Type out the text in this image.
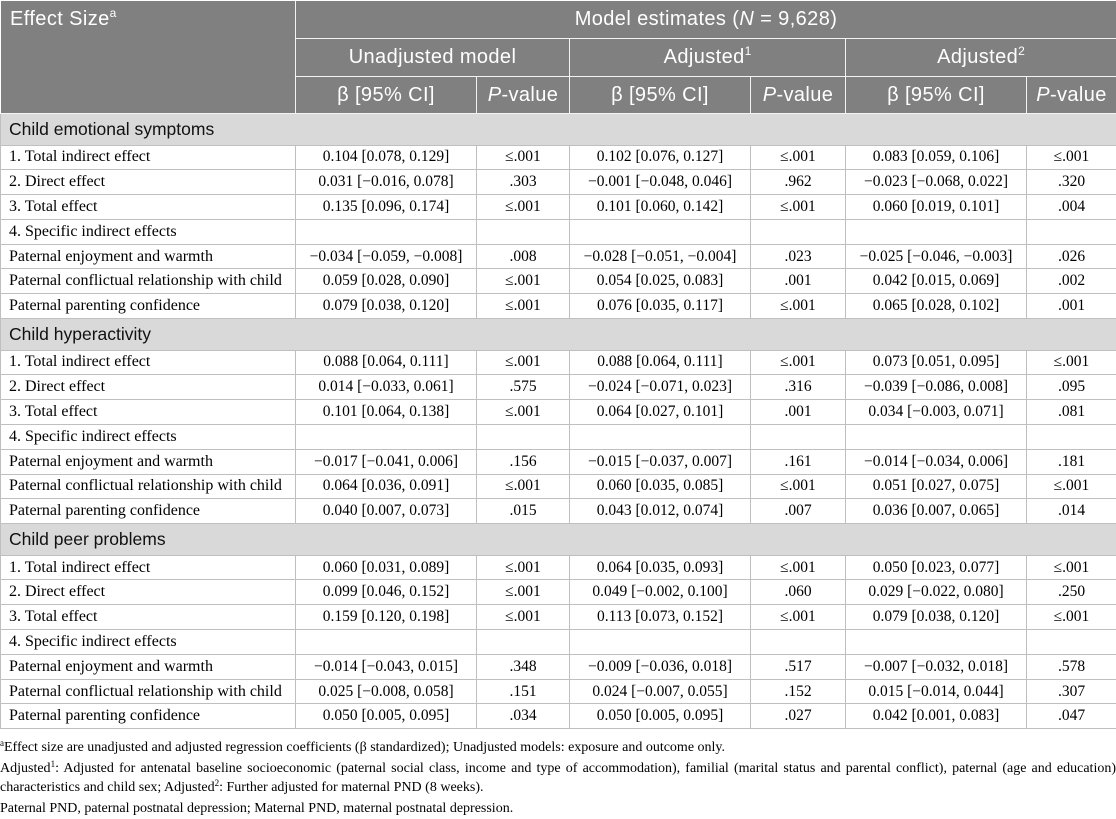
Effect Size$^a$	Model estimates (N = 9,628)					
	Unadjusted model		Adjusted$^1$		Adjusted$^2$
	β [95% CI]	P-value	β [95% CI]	P-value	β [95% CI]	P-value
Child emotional symptoms						
1. Total indirect effect	0.104 [0.078, 0.129]	≤.001	0.102 [0.076, 0.127]	≤.001	0.083 [0.059, 0.106]	≤.001
2. Direct effect	0.031 [−0.016, 0.078]	.303	−0.001 [−0.048, 0.046]	.962	−0.023 [−0.068, 0.022]	.320
3. Total effect	0.135 [0.096, 0.174]	≤.001	0.101 [0.060, 0.142]	≤.001	0.060 [0.019, 0.101]	.004
4. Specific indirect effects						
Paternal enjoyment and warmth	−0.034 [−0.059, −0.008]	.008	−0.028 [−0.051, −0.004]	.023	−0.025 [−0.046, −0.003]	.026
Paternal conflictual relationship with child	0.059 [0.028, 0.090]	≤.001	0.054 [0.025, 0.083]	.001	0.042 [0.015, 0.069]	.002
Paternal parenting confidence	0.079 [0.038, 0.120]	≤.001	0.076 [0.035, 0.117]	≤.001	0.065 [0.028, 0.102]	.001
Child hyperactivity						
1. Total indirect effect	0.088 [0.064, 0.111]	≤.001	0.088 [0.064, 0.111]	≤.001	0.073 [0.051, 0.095]	≤.001
2. Direct effect	0.014 [−0.033, 0.061]	.575	−0.024 [−0.071, 0.023]	.316	−0.039 [−0.086, 0.008]	.095
3. Total effect	0.101 [0.064, 0.138]	≤.001	0.064 [0.027, 0.101]	.001	0.034 [−0.003, 0.071]	.081
4. Specific indirect effects						
Paternal enjoyment and warmth	−0.017 [−0.041, 0.006]	.156	−0.015 [−0.037, 0.007]	.161	−0.014 [−0.034, 0.006]	.181
Paternal conflictual relationship with child	0.064 [0.036, 0.091]	≤.001	0.060 [0.035, 0.085]	≤.001	0.051 [0.027, 0.075]	≤.001
Paternal parenting confidence	0.040 [0.007, 0.073]	.015	0.043 [0.012, 0.074]	.007	0.036 [0.007, 0.065]	.014
Child peer problems						
1. Total indirect effect	0.060 [0.031, 0.089]	≤.001	0.064 [0.035, 0.093]	≤.001	0.050 [0.023, 0.077]	≤.001
2. Direct effect	0.099 [0.046, 0.152]	≤.001	0.049 [−0.002, 0.100]	.060	0.029 [−0.022, 0.080]	.250
3. Total effect	0.159 [0.120, 0.198]	≤.001	0.113 [0.073, 0.152]	≤.001	0.079 [0.038, 0.120]	≤.001
4. Specific indirect effects						
Paternal enjoyment and warmth	−0.014 [−0.043, 0.015]	.348	−0.009 [−0.036, 0.018]	.517	−0.007 [−0.032, 0.018]	.578
Paternal conflictual relationship with child	0.025 [−0.008, 0.058]	.151	0.024 [−0.007, 0.055]	.152	0.015 [−0.014, 0.044]	.307
Paternal parenting confidence	0.050 [0.005, 0.095]	.034	0.050 [0.005, 0.095]	.027	0.042 [0.001, 0.083]	.047

$^a$Effect size are unadjusted and adjusted regression coefficients (β standardized); Unadjusted models: exposure and outcome only.

Adjusted$^1$: Adjusted for antenatal baseline socioeconomic (paternal social class, income and type of accommodation), familial (marital status and parental conflict), paternal (age and education) characteristics and child sex; Adjusted$^2$: Further adjusted for maternal PND (8 weeks).

Paternal PND, paternal postnatal depression; Maternal PND, maternal postnatal depression.
